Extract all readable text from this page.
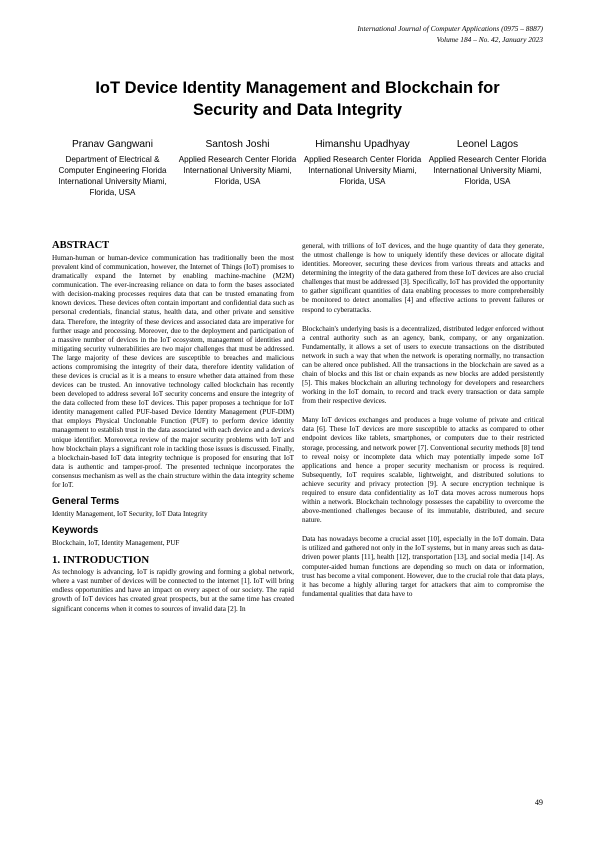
International Journal of Computer Applications (0975 – 8887)
Volume 184 – No. 42, January 2023
IoT Device Identity Management and Blockchain for
Security and Data Integrity
Pranav Gangwani
Department of Electrical & Computer Engineering Florida International University Miami, Florida, USA
Santosh Joshi
Applied Research Center Florida International University Miami, Florida, USA
Himanshu Upadhyay
Applied Research Center Florida International University Miami, Florida, USA
Leonel Lagos
Applied Research Center Florida International University Miami, Florida, USA
ABSTRACT

Human-human or human-device communication has traditionally been the most prevalent kind of communication, however, the Internet of Things (IoT) promises to dramatically expand the Internet by enabling machine-machine (M2M) communication. The ever-increasing reliance on data to form the bases associated with decision-making processes requires data that can be trusted emanating from known devices. These devices often contain important and confidential data such as personal credentials, financial status, health data, and other private and sensitive data. Therefore, the integrity of these devices and associated data are imperative for further usage and processing. Moreover, due to the deployment and participation of a massive number of devices in the IoT ecosystem, management of identities and mitigating security vulnerabilities are two major challenges that must be addressed. The large majority of these devices are susceptible to breaches and malicious actions compromising the integrity of their data, therefore identity validation of these devices is crucial as it is a means to ensure whether data attained from these devices can be trusted. An innovative technology called blockchain has recently been developed to address several IoT security concerns and ensure the integrity of the data collected from these IoT devices. This paper proposes a technique for IoT identity management called PUF-based Device Identity Management (PUF-DIM) that employs Physical Unclonable Function (PUF) to perform device identity management to establish trust in the data associated with each device and a device's unique identifier. Moreover,a review of the major security problems with IoT and how blockchain plays a significant role in tackling those issues is discussed. Finally, a blockchain-based IoT data integrity technique is proposed for ensuring that IoT data is authentic and tamper-proof. The presented technique incorporates the consensus mechanism as well as the chain structure within the data integrity scheme for IoT.

General Terms

Identity Management, IoT Security, IoT Data Integrity

Keywords

Blockchain, IoT, Identity Management, PUF

1. INTRODUCTION

As technology is advancing, IoT is rapidly growing and forming a global network, where a vast number of devices will be connected to the internet [1]. IoT will bring endless opportunities and have an impact on every aspect of our society. The rapid growth of IoT devices has created great prospects, but at the same time has created significant concerns when it comes to sources of invalid data [2]. In

general, with trillions of IoT devices, and the huge quantity of data they generate, the utmost challenge is how to uniquely identify these devices or allocate digital identities. Moreover, securing these devices from various threats and attacks and determining the integrity of the data gathered from these IoT devices are also crucial challenges that must be addressed [3]. Specifically, IoT has provided the opportunity to gather significant quantities of data enabling processes to more comprehensibly be monitored to detect anomalies [4] and effective actions to prevent failures or respond to cyberattacks.

Blockchain's underlying basis is a decentralized, distributed ledger enforced without a central authority such as an agency, bank, company, or any organization. Fundamentally, it allows a set of users to execute transactions on the distributed network in such a way that when the network is operating normally, no transaction can be altered once published. All the transactions in the blockchain are saved as a chain of blocks and this list or chain expands as new blocks are added persistently [5]. This makes blockchain an alluring technology for developers and researchers working in the IoT domain, to record and track every transaction or data sample from their respective devices.

Many IoT devices exchanges and produces a huge volume of private and critical data [6]. These IoT devices are more susceptible to attacks as compared to other endpoint devices like tablets, smartphones, or computers due to their restricted storage, processing, and network power [7]. Conventional security methods [8] tend to reveal noisy or incomplete data which may potentially impede some IoT applications and hence a proper security mechanism or process is required. Subsequently, IoT requires scalable, lightweight, and distributed solutions to achieve security and privacy protection [9]. A secure encryption technique is required to ensure data confidentiality as IoT data moves across numerous hops within a network. Blockchain technology possesses the capability to overcome the above-mentioned challenges because of its immutable, distributed, and secure nature.

Data has nowadays become a crucial asset [10], especially in the IoT domain. Data is utilized and gathered not only in the IoT systems, but in many areas such as data-driven power plants [11], health [12], transportation [13], and social media [14]. As computer-aided human functions are depending so much on data or information, trust has become a vital component. However, due to the crucial role that data plays, it has become a highly alluring target for attackers that aim to compromise the fundamental qualities that data have to

49
